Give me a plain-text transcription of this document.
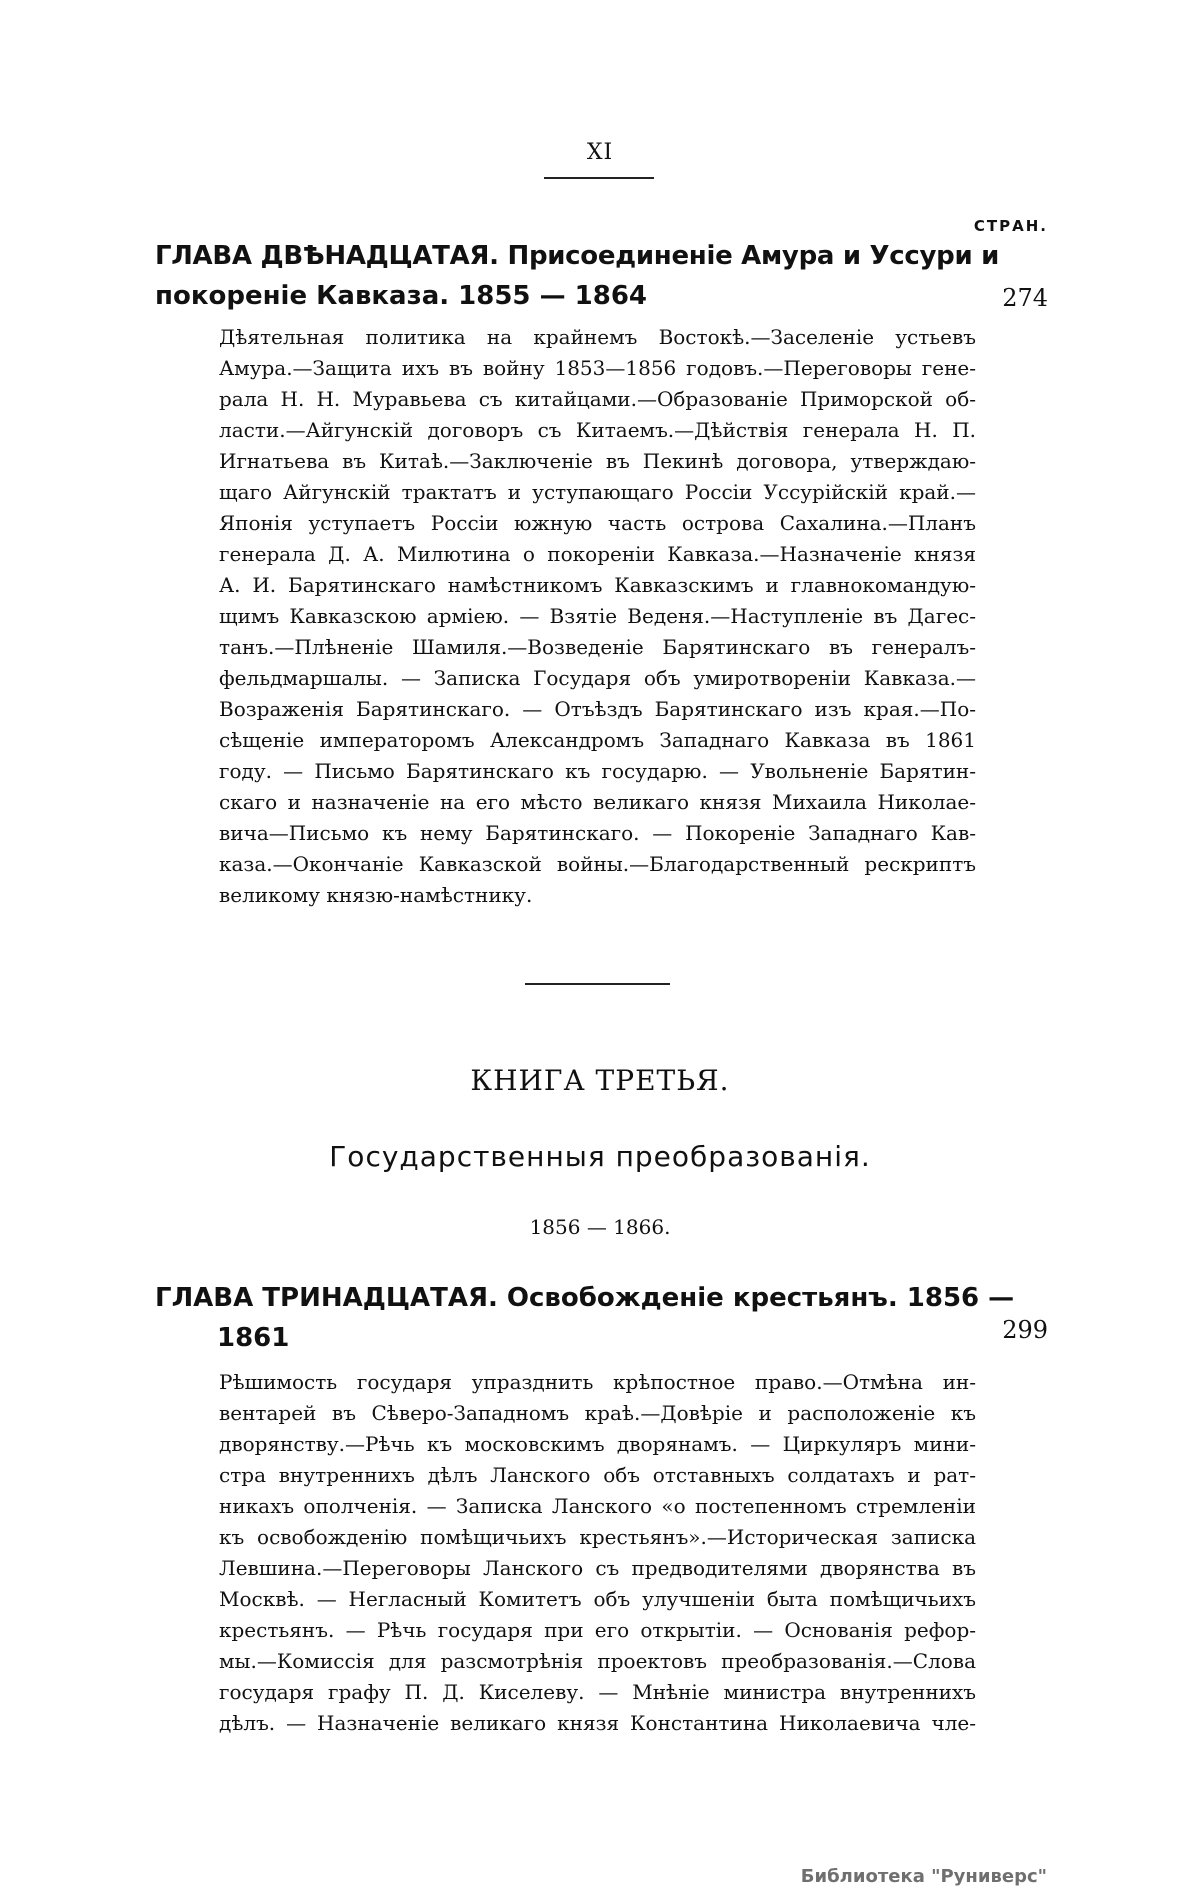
XI
СТРАН.
ГЛАВА ДВѢНАДЦАТАЯ. Присоединеніе Амура и Уссури и
покореніе Кавказа. 1855 — 1864	274
Дѣятельная политика на крайнемъ Востокѣ.—Заселеніе устьевъ
Амура.—Защита ихъ въ войну 1853—1856 годовъ.—Переговоры гене-
рала Н. Н. Муравьева съ китайцами.—Образованіе Приморской об-
ласти.—Айгунскій договоръ съ Китаемъ.—Дѣйствія генерала Н. П.
Игнатьева въ Китаѣ.—Заключеніе въ Пекинѣ договора, утверждаю-
щаго Айгунскій трактатъ и уступающаго Россіи Уссурійскій край.—
Японія уступаетъ Россіи южную часть острова Сахалина.—Планъ
генерала Д. А. Милютина о покореніи Кавказа.—Назначеніе князя
А. И. Барятинскаго намѣстникомъ Кавказскимъ и главнокомандую-
щимъ Кавказскою арміею. — Взятіе Веденя.—Наступленіе въ Дагес-
танъ.—Плѣненіе Шамиля.—Возведеніе Барятинскаго въ генералъ-
фельдмаршалы. — Записка Государя объ умиротвореніи Кавказа.—
Возраженія Барятинскаго. — Отъѣздъ Барятинскаго изъ края.—По-
сѣщеніе императоромъ Александромъ Западнаго Кавказа въ 1861
году. — Письмо Барятинскаго къ государю. — Увольненіе Барятин-
скаго и назначеніе на его мѣсто великаго князя Михаила Николае-
вича—Письмо къ нему Барятинскаго. — Покореніе Западнаго Кав-
каза.—Окончаніе Кавказской войны.—Благодарственный рескриптъ
великому князю-намѣстнику.
КНИГА ТРЕТЬЯ.
Государственныя преобразованія.
1856 — 1866.
ГЛАВА ТРИНАДЦАТАЯ. Освобожденіе крестьянъ. 1856 —
1861	299
Рѣшимость государя упразднить крѣпостное право.—Отмѣна ин-
вентарей въ Сѣверо-Западномъ краѣ.—Довѣріе и расположеніе къ
дворянству.—Рѣчь къ московскимъ дворянамъ. — Циркуляръ мини-
стра внутреннихъ дѣлъ Ланского объ отставныхъ солдатахъ и рат-
никахъ ополченія. — Записка Ланского «о постепенномъ стремленіи
къ освобожденію помѣщичьихъ крестьянъ».—Историческая записка
Левшина.—Переговоры Ланского съ предводителями дворянства въ
Москвѣ. — Негласный Комитетъ объ улучшеніи быта помѣщичьихъ
крестьянъ. — Рѣчь государя при его открытіи. — Основанія рефор-
мы.—Комиссія для разсмотрѣнія проектовъ преобразованія.—Слова
государя графу П. Д. Киселеву. — Мнѣніе министра внутреннихъ
дѣлъ. — Назначеніе великаго князя Константина Николаевича чле-
Библиотека "Руниверс"
